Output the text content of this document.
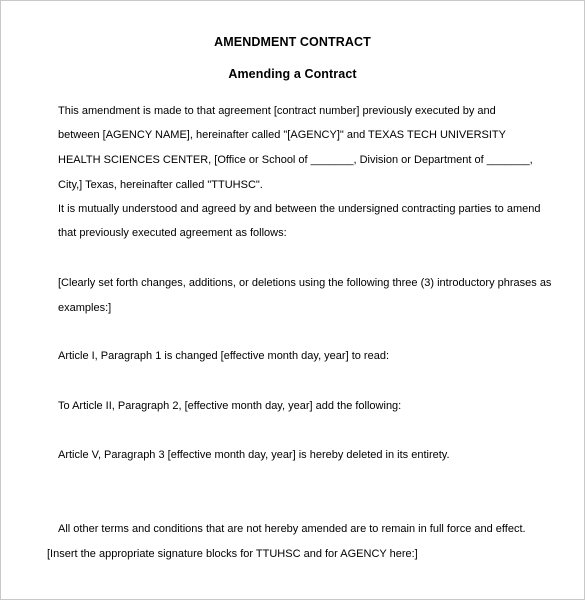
AMENDMENT CONTRACT
Amending a Contract
This amendment is made to that agreement [contract number] previously executed by and
between [AGENCY NAME], hereinafter called "[AGENCY]" and TEXAS TECH UNIVERSITY
HEALTH SCIENCES CENTER, [Office or School of _______, Division or Department of _______,
City,] Texas, hereinafter called "TTUHSC".
It is mutually understood and agreed by and between the undersigned contracting parties to amend
that previously executed agreement as follows:
[Clearly set forth changes, additions, or deletions using the following three (3) introductory phrases as
examples:]
Article I, Paragraph 1 is changed [effective month day, year] to read:
To Article II, Paragraph 2, [effective month day, year] add the following:
Article V, Paragraph 3 [effective month day, year] is hereby deleted in its entirety.
All other terms and conditions that are not hereby amended are to remain in full force and effect.
[Insert the appropriate signature blocks for TTUHSC and for AGENCY here:]
